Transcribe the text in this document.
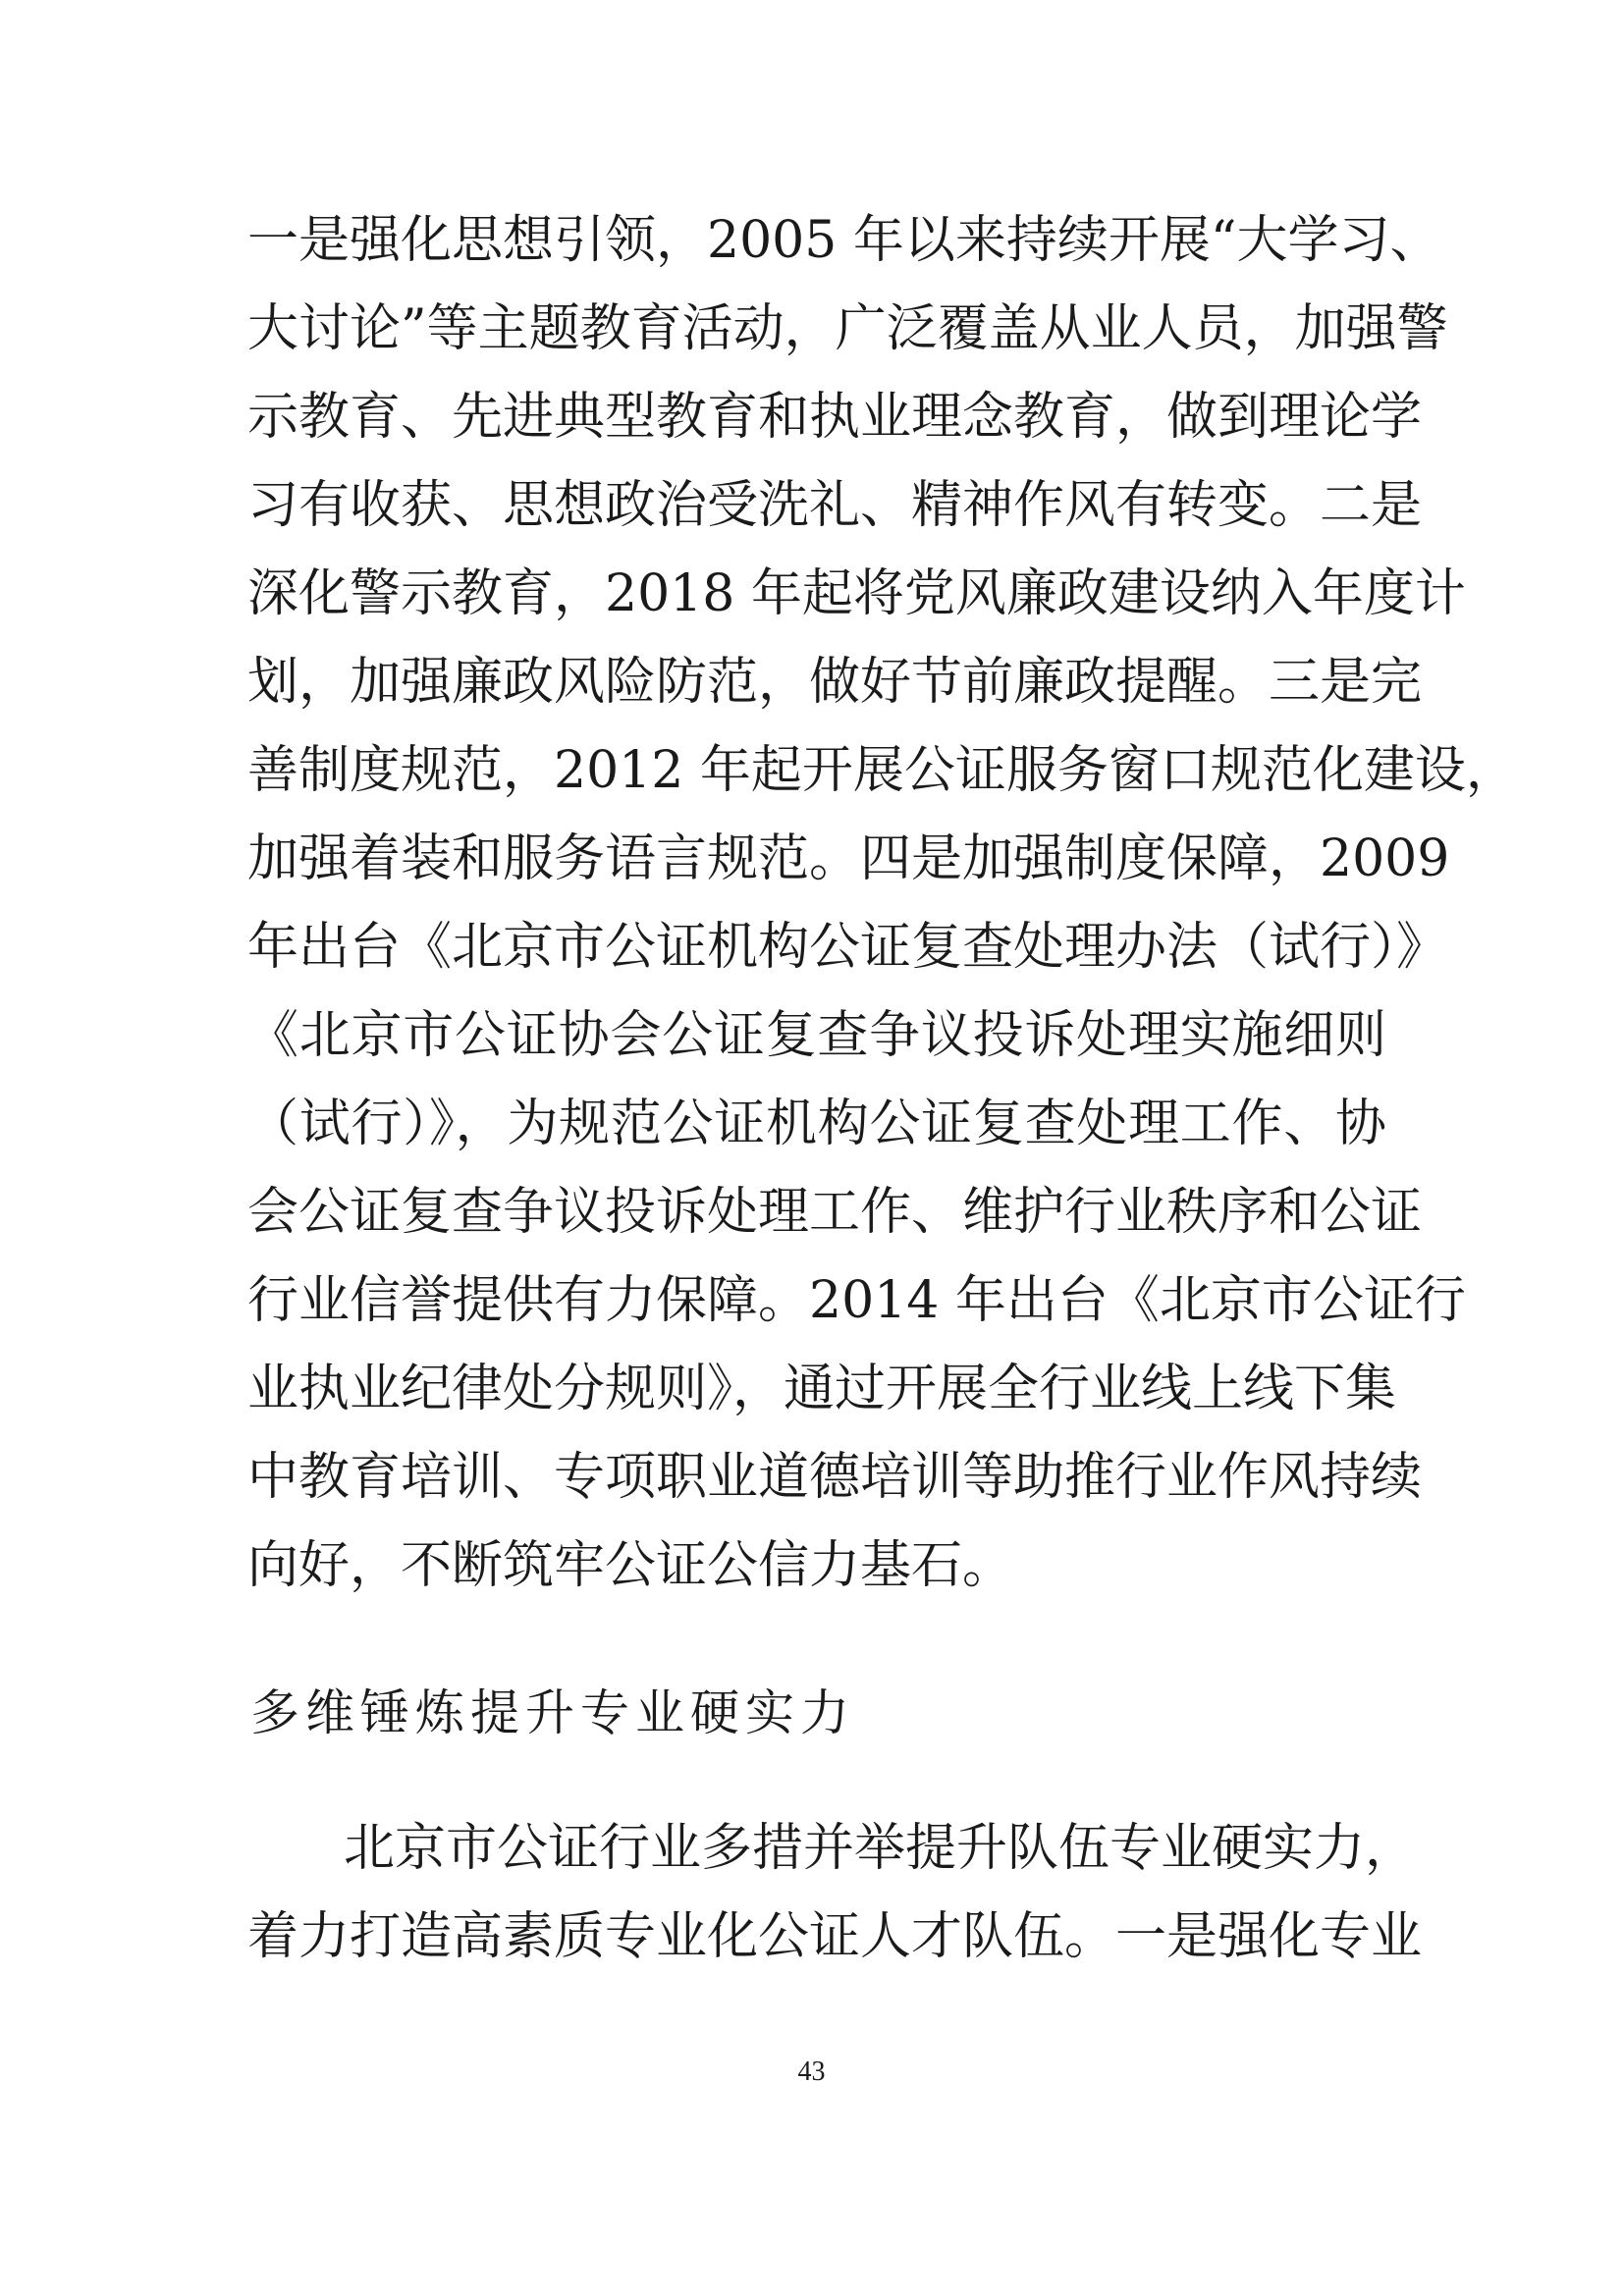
一是强化思想引领，2005 年以来持续开展“大学习、
大讨论”等主题教育活动，广泛覆盖从业人员，加强警
示教育、先进典型教育和执业理念教育，做到理论学
习有收获、思想政治受洗礼、精神作风有转变。二是
深化警示教育，2018 年起将党风廉政建设纳入年度计
划，加强廉政风险防范，做好节前廉政提醒。三是完
善制度规范，2012 年起开展公证服务窗口规范化建设，
加强着装和服务语言规范。四是加强制度保障，2009
年出台《北京市公证机构公证复查处理办法（试行）》
《北京市公证协会公证复查争议投诉处理实施细则
（试行）》，为规范公证机构公证复查处理工作、协
会公证复查争议投诉处理工作、维护行业秩序和公证
行业信誉提供有力保障。2014 年出台《北京市公证行
业执业纪律处分规则》，通过开展全行业线上线下集
中教育培训、专项职业道德培训等助推行业作风持续
向好，不断筑牢公证公信力基石。
多维锤炼提升专业硬实力
北京市公证行业多措并举提升队伍专业硬实力，
着力打造高素质专业化公证人才队伍。一是强化专业
43
